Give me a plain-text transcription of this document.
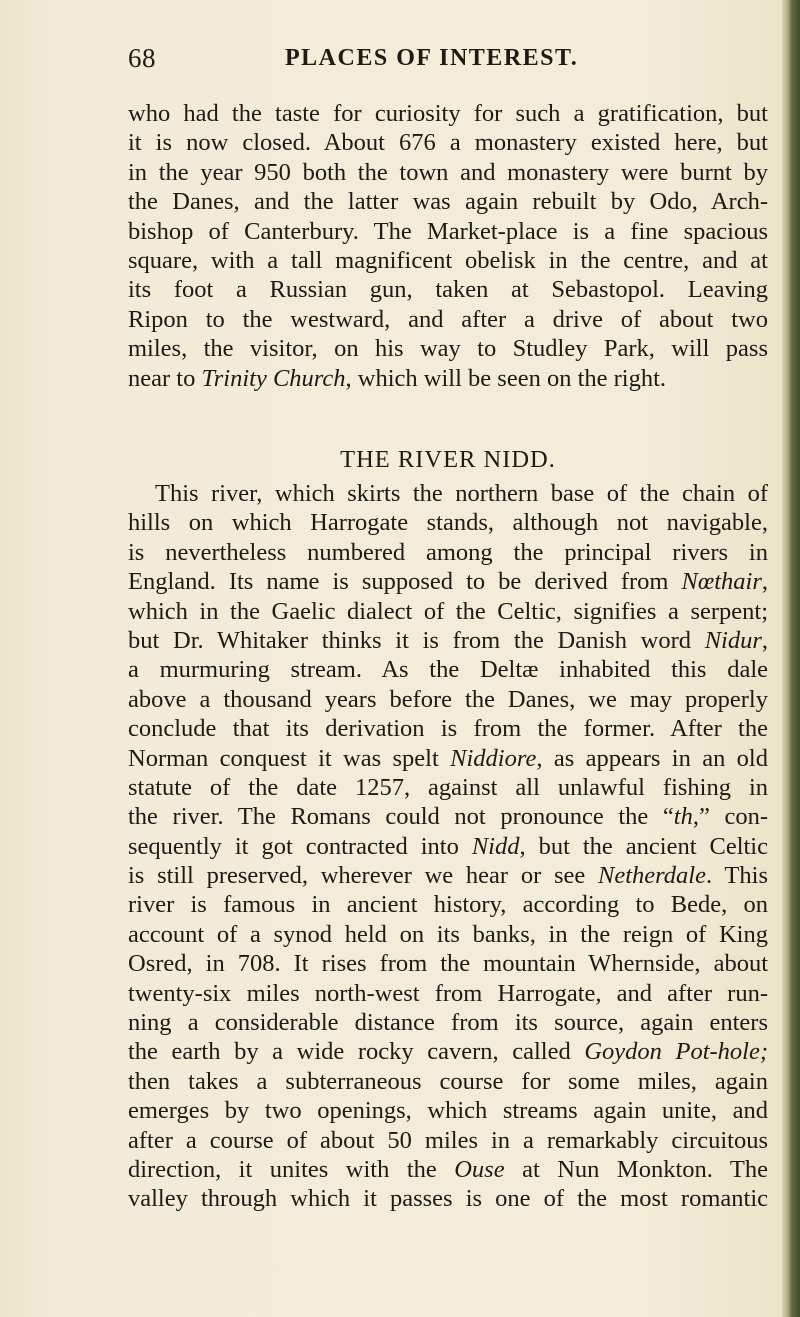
68	PLACES OF INTEREST.
who had the taste for curiosity for such a gratification, but
it is now closed. About 676 a monastery existed here, but
in the year 950 both the town and monastery were burnt by
the Danes, and the latter was again rebuilt by Odo, Arch-
bishop of Canterbury. The Market-place is a fine spacious
square, with a tall magnificent obelisk in the centre, and at
its foot a Russian gun, taken at Sebastopol. Leaving
Ripon to the westward, and after a drive of about two
miles, the visitor, on his way to Studley Park, will pass
near to Trinity Church, which will be seen on the right.
THE RIVER NIDD.
This river, which skirts the northern base of the chain of
hills on which Harrogate stands, although not navigable,
is nevertheless numbered among the principal rivers in
England. Its name is supposed to be derived from Nœthair,
which in the Gaelic dialect of the Celtic, signifies a serpent;
but Dr. Whitaker thinks it is from the Danish word Nidur,
a murmuring stream. As the Deltæ inhabited this dale
above a thousand years before the Danes, we may properly
conclude that its derivation is from the former. After the
Norman conquest it was spelt Niddiore, as appears in an old
statute of the date 1257, against all unlawful fishing in
the river. The Romans could not pronounce the “th,” con-
sequently it got contracted into Nidd, but the ancient Celtic
is still preserved, wherever we hear or see Netherdale. This
river is famous in ancient history, according to Bede, on
account of a synod held on its banks, in the reign of King
Osred, in 708. It rises from the mountain Whernside, about
twenty-six miles north-west from Harrogate, and after run-
ning a considerable distance from its source, again enters
the earth by a wide rocky cavern, called Goydon Pot-hole;
then takes a subterraneous course for some miles, again
emerges by two openings, which streams again unite, and
after a course of about 50 miles in a remarkably circuitous
direction, it unites with the Ouse at Nun Monkton. The
valley through which it passes is one of the most romantic
